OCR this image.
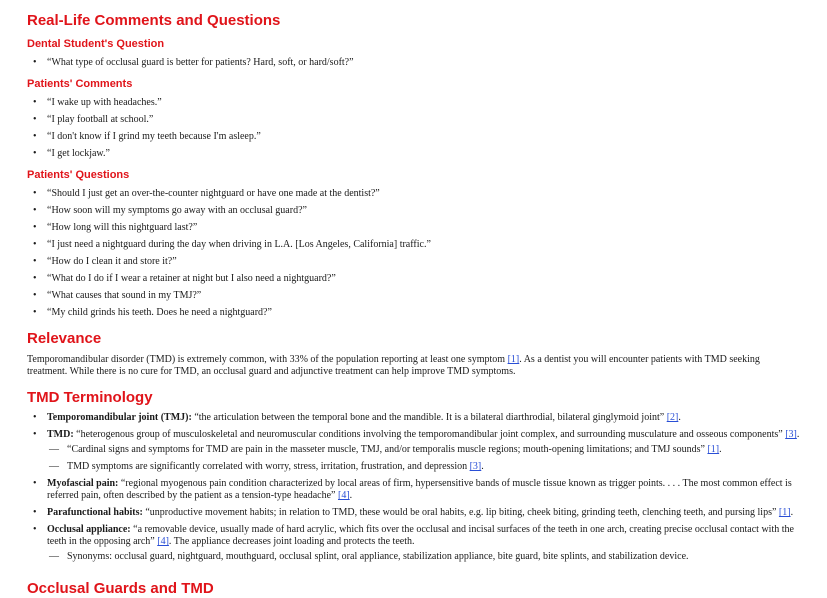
Real-Life Comments and Questions
Dental Student's Question
• “What type of occlusal guard is better for patients? Hard, soft, or hard/soft?”
Patients' Comments
• “I wake up with headaches.”
• “I play football at school.”
• “I don't know if I grind my teeth because I'm asleep.”
• “I get lockjaw.”
Patients' Questions
• “Should I just get an over-the-counter nightguard or have one made at the dentist?”
• “How soon will my symptoms go away with an occlusal guard?”
• “How long will this nightguard last?”
• “I just need a nightguard during the day when driving in L.A. [Los Angeles, California] traffic.”
• “How do I clean it and store it?”
• “What do I do if I wear a retainer at night but I also need a nightguard?”
• “What causes that sound in my TMJ?”
• “My child grinds his teeth. Does he need a nightguard?”
Relevance

Temporomandibular disorder (TMD) is extremely common, with 33% of the population reporting at least one symptom [1]. As a dentist you will encounter patients with TMD seeking treatment. While there is no cure for TMD, an occlusal guard and adjunctive treatment can help improve TMD symptoms.

TMD Terminology
• Temporomandibular joint (TMJ): “the articulation between the temporal bone and the mandible. It is a bilateral diarthrodial, bilateral ginglymoid joint” [2].
• TMD: “heterogenous group of musculoskeletal and neuromuscular conditions involving the temporomandibular joint complex, and surrounding musculature and osseous components” [3].
— “Cardinal signs and symptoms for TMD are pain in the masseter muscle, TMJ, and/or temporalis muscle regions; mouth-opening limitations; and TMJ sounds” [1].
— TMD symptoms are significantly correlated with worry, stress, irritation, frustration, and depression [3].
• Myofascial pain: “regional myogenous pain condition characterized by local areas of firm, hypersensitive bands of muscle tissue known as trigger points. . . . The most common effect is referred pain, often described by the patient as a tension-type headache” [4].
• Parafunctional habits: “unproductive movement habits; in relation to TMD, these would be oral habits, e.g. lip biting, cheek biting, grinding teeth, clenching teeth, and pursing lips” [1].
• Occlusal appliance: “a removable device, usually made of hard acrylic, which fits over the occlusal and incisal surfaces of the teeth in one arch, creating precise occlusal contact with the teeth in the opposing arch” [4]. The appliance decreases joint loading and protects the teeth.
— Synonyms: occlusal guard, nightguard, mouthguard, occlusal splint, oral appliance, stabilization appliance, bite guard, bite splints, and stabilization device.
Occlusal Guards and TMD
